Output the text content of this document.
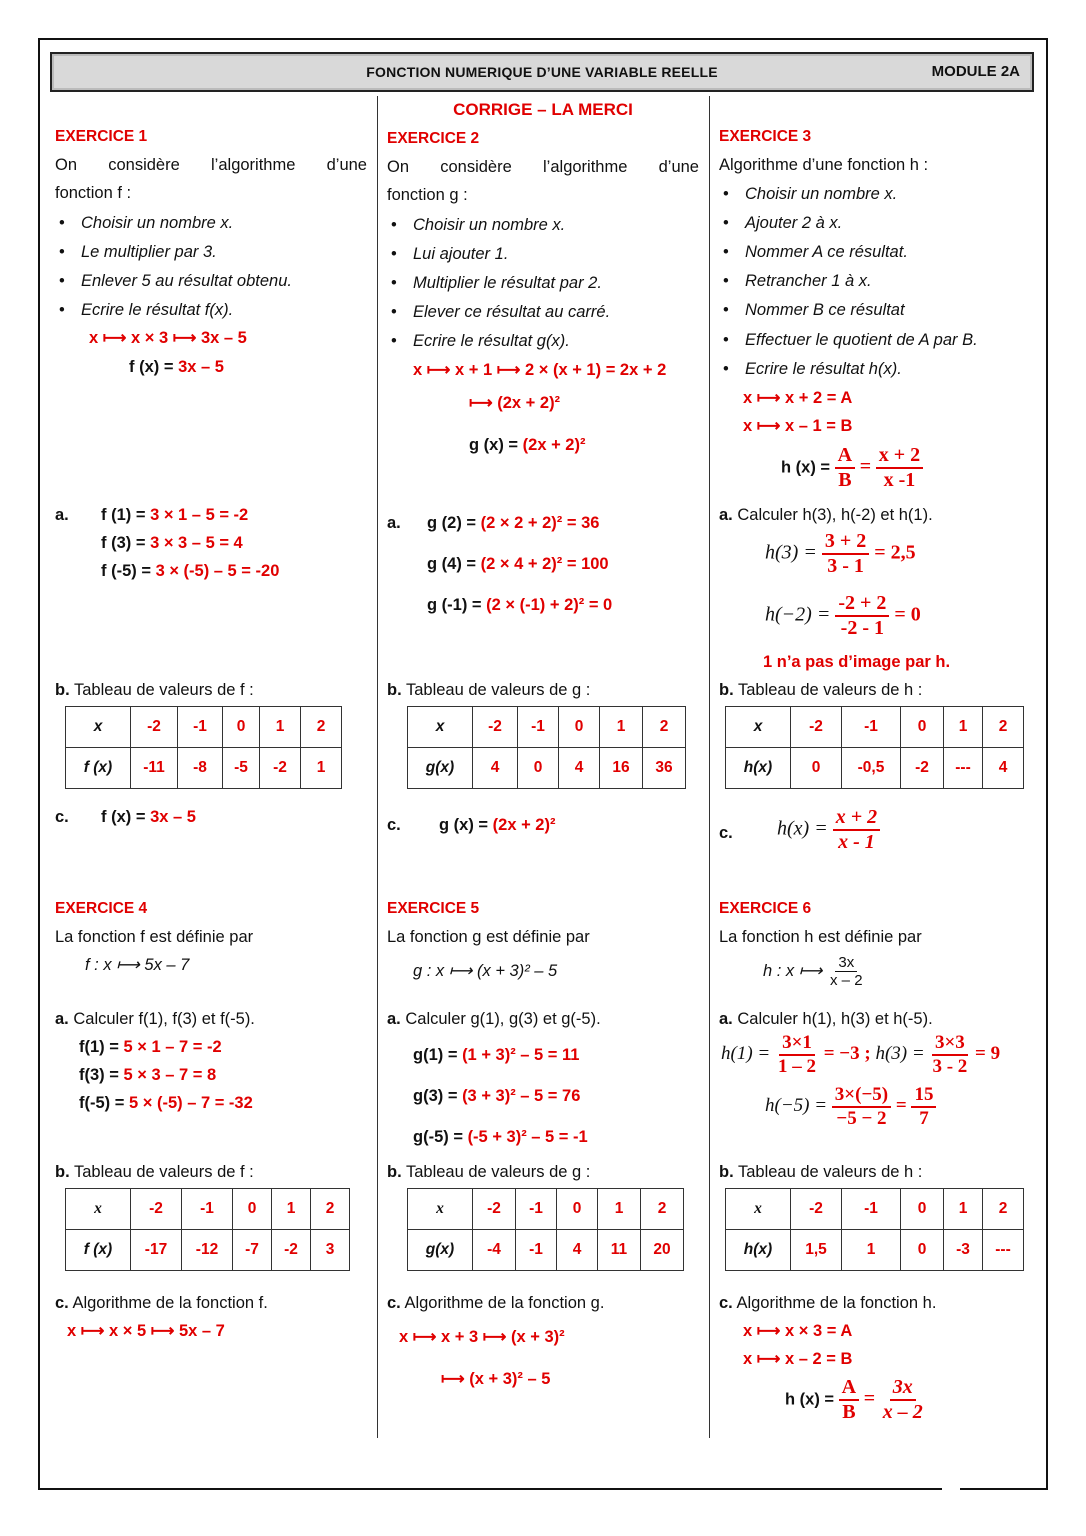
FONCTION NUMERIQUE D’UNE VARIABLE REELLE	MODULE 2A
CORRIGE – LA MERCI
EXERCICE 1
On considère l’algorithme d’une
fonction f :
Choisir un nombre x.
Le multiplier par 3.
Enlever 5 au résultat obtenu.
Ecrire le résultat f(x).
x ⟼ x × 3 ⟼ 3x – 5
f (x) = 3x – 5
a. f (1) = 3 × 1 – 5 = -2
f (3) = 3 × 3 – 5 = 4
f (-5) = 3 × (-5) – 5 = -20
b. Tableau de valeurs de f :
x	-2	-1	0	1	2
f (x)	-11	-8	-5	-2	1
c. f (x) = 3x – 5
EXERCICE 4
La fonction f est définie par
f : x ⟼ 5x – 7
a. Calculer f(1), f(3) et f(-5).
f(1) = 5 × 1 – 7 = -2
f(3) = 5 × 3 – 7 = 8
f(-5) = 5 × (-5) – 7 = -32
b. Tableau de valeurs de f :
x	-2	-1	0	1	2
f (x)	-17	-12	-7	-2	3
c. Algorithme de la fonction f.
x ⟼ x × 5 ⟼ 5x – 7
EXERCICE 2
On considère l’algorithme d’une
fonction g :
Choisir un nombre x.
Lui ajouter 1.
Multiplier le résultat par 2.
Elever ce résultat au carré.
Ecrire le résultat g(x).
x ⟼ x + 1 ⟼ 2 × (x + 1) = 2x + 2
⟼ (2x + 2)²
g (x) = (2x + 2)²
a. g (2) = (2 × 2 + 2)² = 36
g (4) = (2 × 4 + 2)² = 100
g (-1) = (2 × (-1) + 2)² = 0
b. Tableau de valeurs de g :
x	-2	-1	0	1	2
g(x)	4	0	4	16	36
c. g (x) = (2x + 2)²
EXERCICE 5
La fonction g est définie par
g : x ⟼ (x + 3)² – 5
a. Calculer g(1), g(3) et g(-5).
g(1) = (1 + 3)² – 5 = 11
g(3) = (3 + 3)² – 5 = 76
g(-5) = (-5 + 3)² – 5 = -1
b. Tableau de valeurs de g :
x	-2	-1	0	1	2
g(x)	-4	-1	4	11	20
c. Algorithme de la fonction g.
x ⟼ x + 3 ⟼ (x + 3)²
⟼ (x + 3)² – 5
EXERCICE 3
Algorithme d’une fonction h :
Choisir un nombre x.
Ajouter 2 à x.
Nommer A ce résultat.
Retrancher 1 à x.
Nommer B ce résultat
Effectuer le quotient de A par B.
Ecrire le résultat h(x).
x ⟼ x + 2 = A
x ⟼ x – 1 = B
h $(x) = \frac{A}{B} = \frac{x + 2}{x -1}$
a. Calculer h(3), h(-2) et h(1).
$h(3) = \frac{3 + 2}{3 - 1} = 2,5$
$h(-2) = \frac{-2 + 2}{-2 - 1} = 0$
1 n’a pas d’image par h.
b. Tableau de valeurs de h :
x	-2	-1	0	1	2
h(x)	0	-0,5	-2	---	4
c. $h(x) = \frac{x + 2}{x - 1}$
EXERCICE 6
La fonction h est définie par
h : x ⟼ $\frac{3x}{x - 2}$
a. Calculer h(1), h(3) et h(-5).
$h(1) = \frac{3\times 1}{1 - 2} = -3$ ; $h(3) = \frac{3\times 3}{3 - 2} = 9$
$h(-5) = \frac{3\times(-5)}{-5 - 2} = \frac{15}{7}$
b. Tableau de valeurs de h :
x	-2	-1	0	1	2
h(x)	1,5	1	0	-3	---
c. Algorithme de la fonction h.
x ⟼ x × 3 = A
x ⟼ x – 2 = B
h $(x) = \frac{A}{B} = \frac{3x}{x - 2}$
